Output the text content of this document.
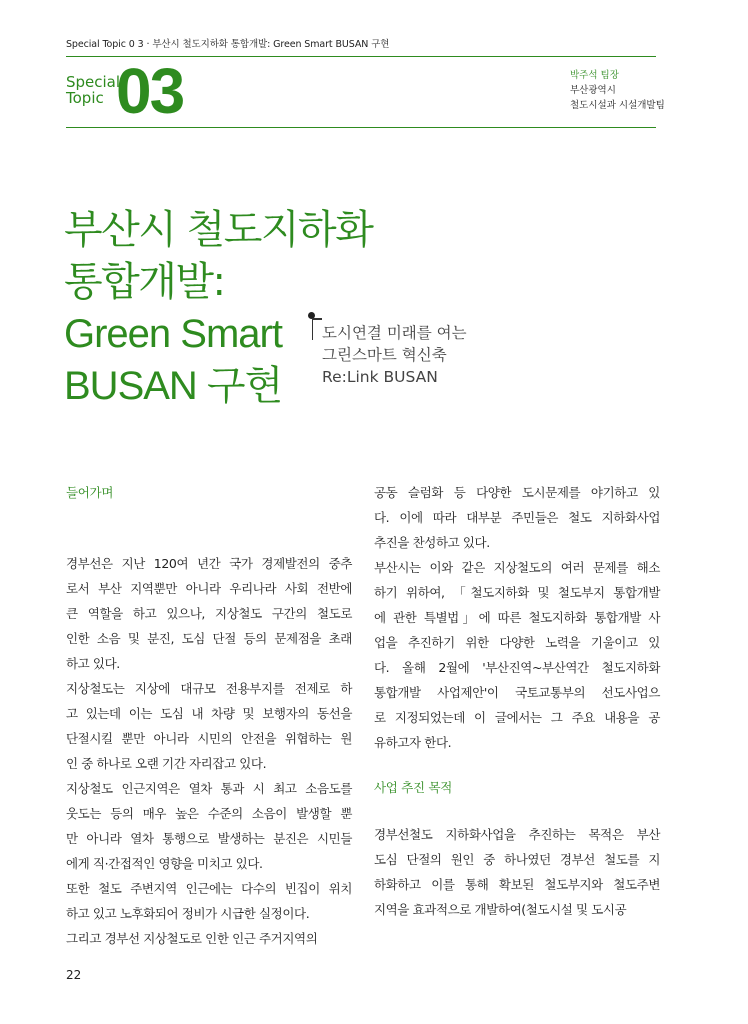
Special Topic 0 3 · 부산시 철도지하화 통합개발: Green Smart BUSAN 구현
Special
Topic 03	박주석 팀장
부산광역시
철도시설과 시설개발팀
부산시 철도지하화
통합개발:
Green Smart
BUSAN 구현
도시연결 미래를 여는
그린스마트 혁신축
Re:Link BUSAN
들어가며
경부선은 지난 120여 년간 국가 경제발전의 중추
로서 부산 지역뿐만 아니라 우리나라 사회 전반에
큰 역할을 하고 있으나, 지상철도 구간의 철도로
인한 소음 및 분진, 도심 단절 등의 문제점을 초래
하고 있다.
지상철도는 지상에 대규모 전용부지를 전제로 하
고 있는데 이는 도심 내 차량 및 보행자의 동선을
단절시킬 뿐만 아니라 시민의 안전을 위협하는 원
인 중 하나로 오랜 기간 자리잡고 있다.
지상철도 인근지역은 열차 통과 시 최고 소음도를
웃도는 등의 매우 높은 수준의 소음이 발생할 뿐
만 아니라 열차 통행으로 발생하는 분진은 시민들
에게 직·간접적인 영향을 미치고 있다.
또한 철도 주변지역 인근에는 다수의 빈집이 위치
하고 있고 노후화되어 정비가 시급한 실정이다.
그리고 경부선 지상철도로 인한 인근 주거지역의
공동 슬럼화 등 다양한 도시문제를 야기하고 있
다. 이에 따라 대부분 주민들은 철도 지하화사업
추진을 찬성하고 있다.
부산시는 이와 같은 지상철도의 여러 문제를 해소
하기 위하여, 「철도지하화 및 철도부지 통합개발
에 관한 특별법」에 따른 철도지하화 통합개발 사
업을 추진하기 위한 다양한 노력을 기울이고 있
다. 올해 2월에 '부산진역~부산역간 철도지하화
통합개발 사업제안'이 국토교통부의 선도사업으
로 지정되었는데 이 글에서는 그 주요 내용을 공
유하고자 한다.
사업 추진 목적
경부선철도 지하화사업을 추진하는 목적은 부산
도심 단절의 원인 중 하나였던 경부선 철도를 지
하화하고 이를 통해 확보된 철도부지와 철도주변
지역을 효과적으로 개발하여(철도시설 및 도시공
22
